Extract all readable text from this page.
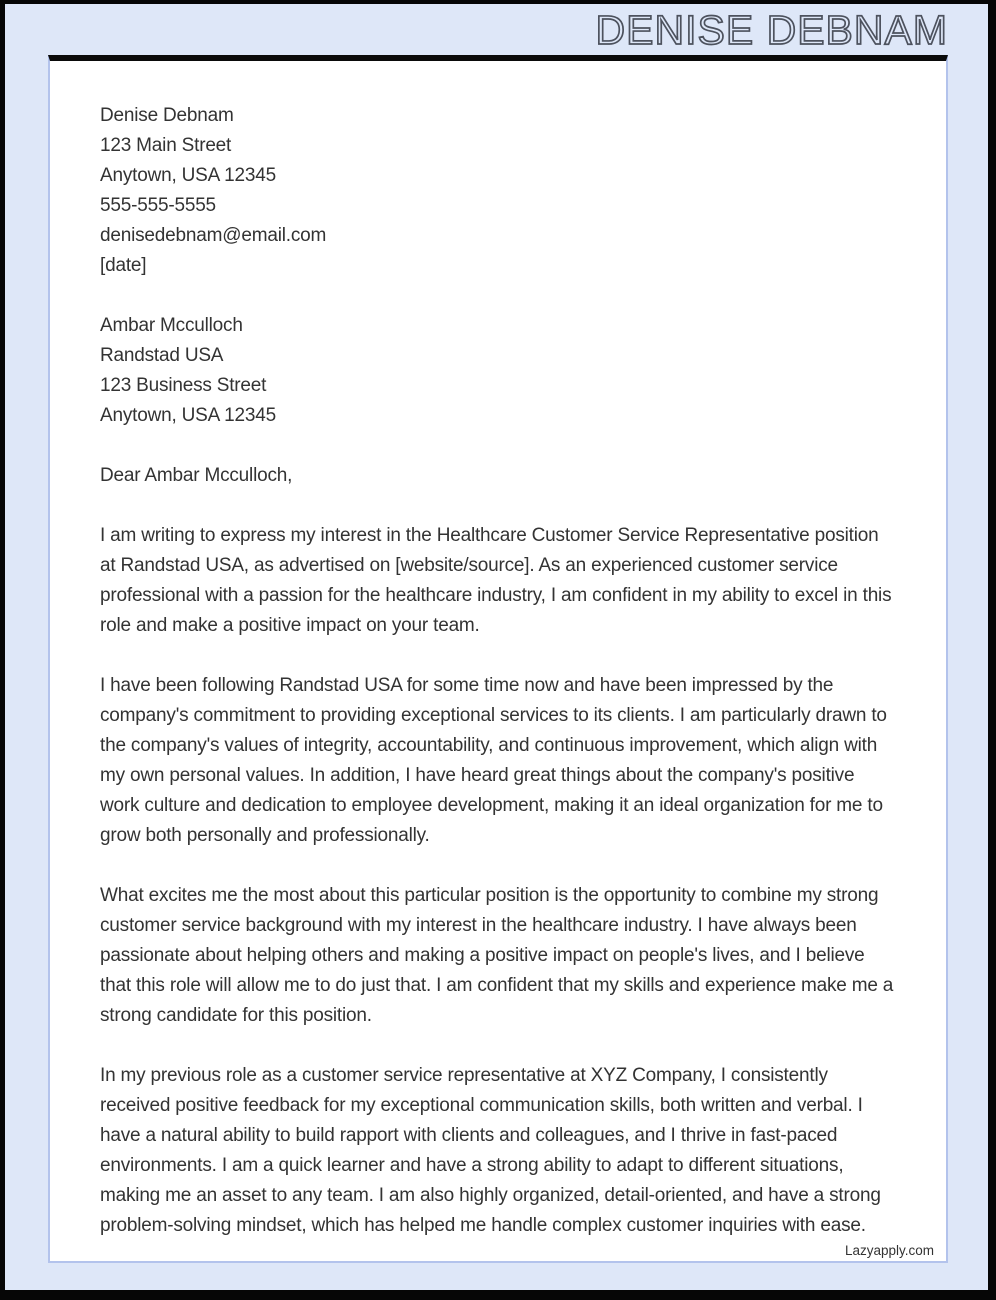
DENISE DEBNAM
Denise Debnam
123 Main Street
Anytown, USA 12345
555-555-5555
denisedebnam@email.com
[date]
Ambar Mcculloch
Randstad USA
123 Business Street
Anytown, USA 12345
Dear Ambar Mcculloch,

I am writing to express my interest in the Healthcare Customer Service Representative position at Randstad USA, as advertised on [website/source]. As an experienced customer service professional with a passion for the healthcare industry, I am confident in my ability to excel in this role and make a positive impact on your team.

I have been following Randstad USA for some time now and have been impressed by the company's commitment to providing exceptional services to its clients. I am particularly drawn to the company's values of integrity, accountability, and continuous improvement, which align with my own personal values. In addition, I have heard great things about the company's positive work culture and dedication to employee development, making it an ideal organization for me to grow both personally and professionally.

What excites me the most about this particular position is the opportunity to combine my strong customer service background with my interest in the healthcare industry. I have always been passionate about helping others and making a positive impact on people's lives, and I believe that this role will allow me to do just that. I am confident that my skills and experience make me a strong candidate for this position.

In my previous role as a customer service representative at XYZ Company, I consistently received positive feedback for my exceptional communication skills, both written and verbal. I have a natural ability to build rapport with clients and colleagues, and I thrive in fast-paced environments. I am a quick learner and have a strong ability to adapt to different situations, making me an asset to any team. I am also highly organized, detail-oriented, and have a strong problem-solving mindset, which has helped me handle complex customer inquiries with ease.

Lazyapply.com
